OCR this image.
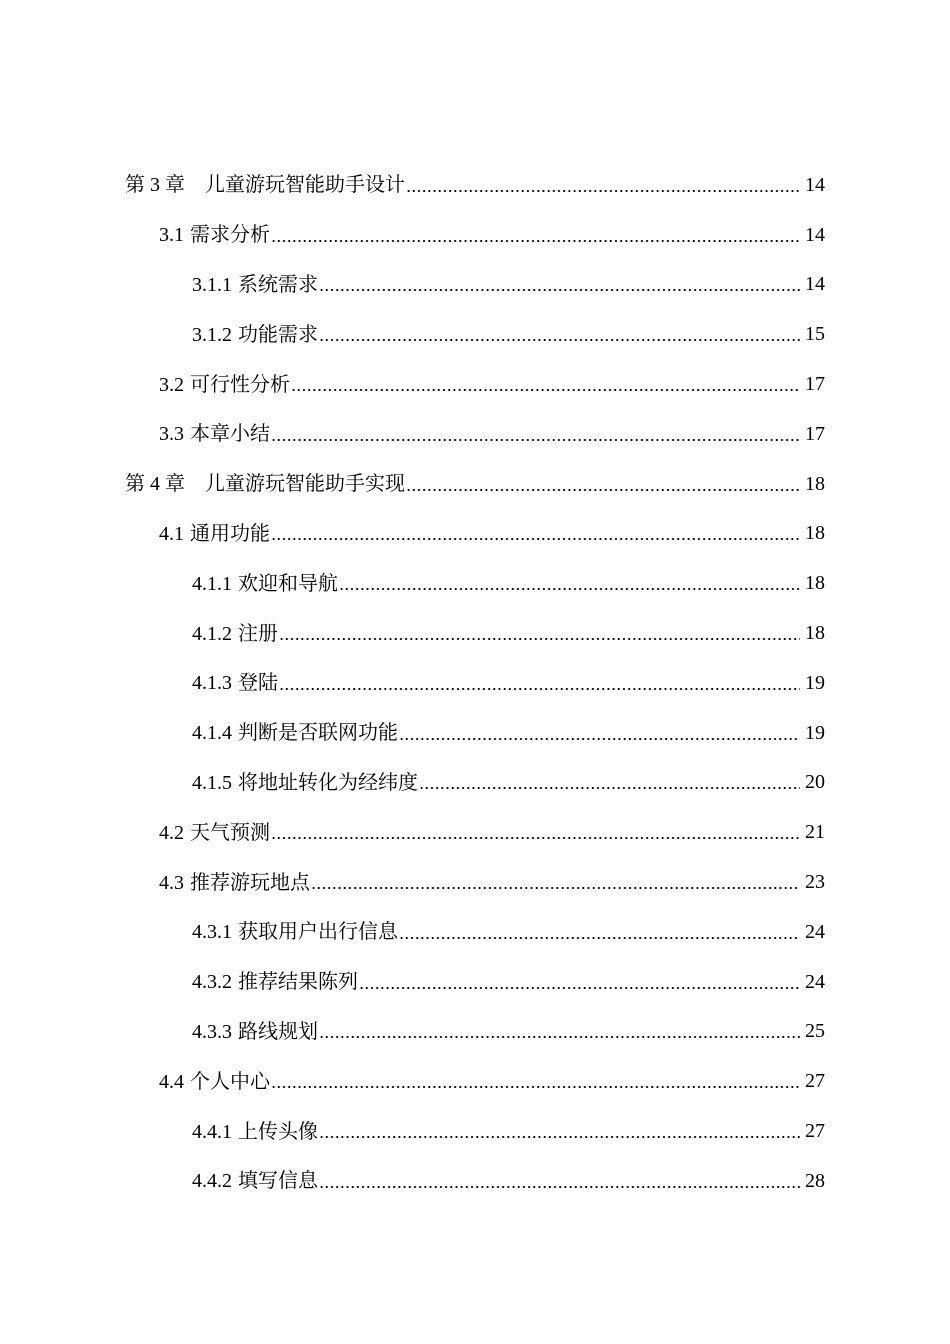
第 3 章 儿童游玩智能助手设计	14
3.1 需求分析	14
3.1.1 系统需求	14
3.1.2 功能需求	15
3.2 可行性分析	17
3.3 本章小结	17
第 4 章 儿童游玩智能助手实现	18
4.1 通用功能	18
4.1.1 欢迎和导航	18
4.1.2 注册	18
4.1.3 登陆	19
4.1.4 判断是否联网功能	19
4.1.5 将地址转化为经纬度	20
4.2 天气预测	21
4.3 推荐游玩地点	23
4.3.1 获取用户出行信息	24
4.3.2 推荐结果陈列	24
4.3.3 路线规划	25
4.4 个人中心	27
4.4.1 上传头像	27
4.4.2 填写信息	28
